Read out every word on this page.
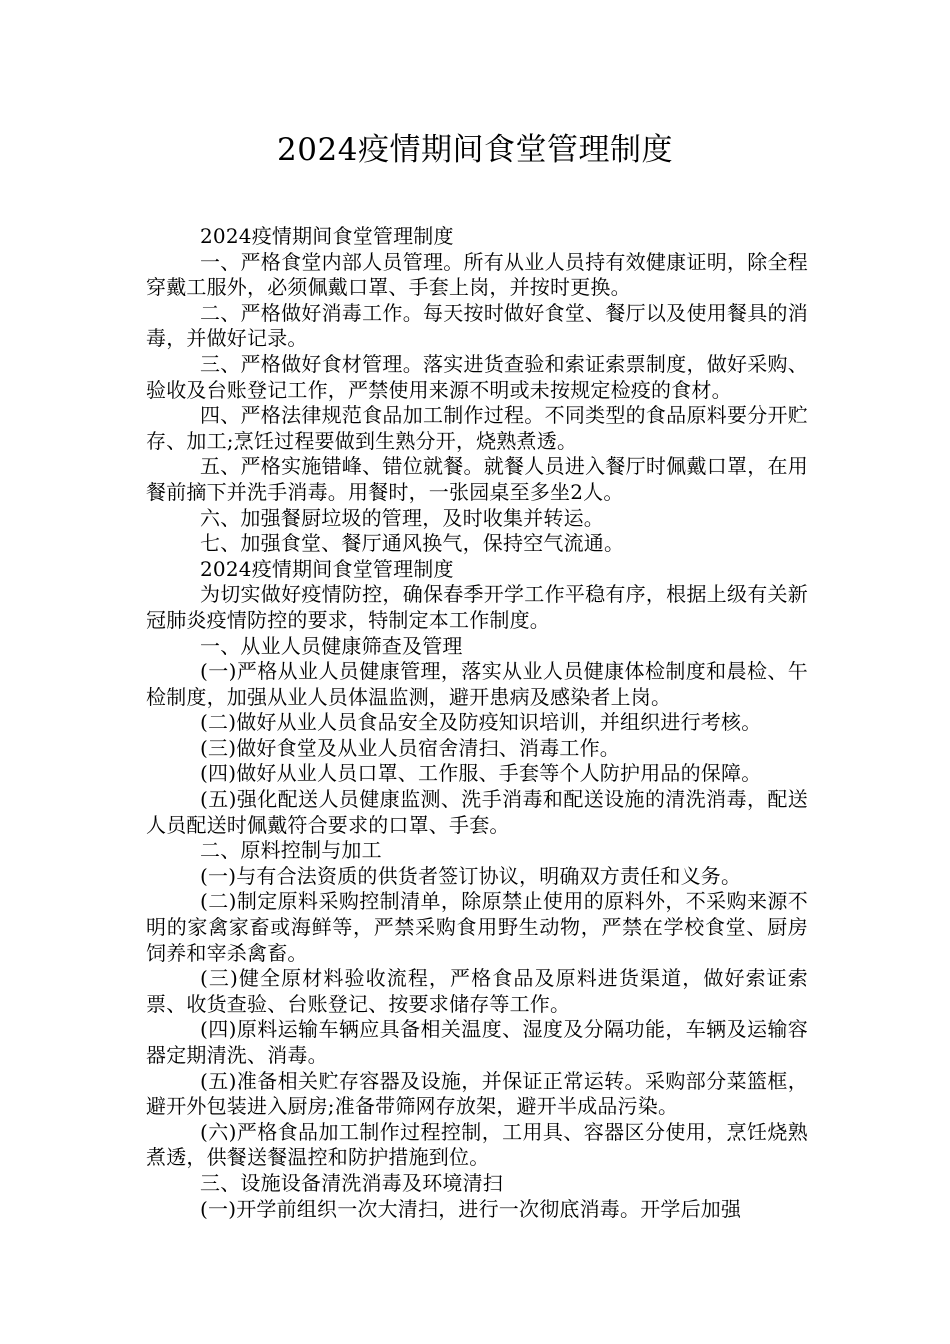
2024疫情期间食堂管理制度

2024疫情期间食堂管理制度

一、严格食堂内部人员管理。所有从业人员持有效健康证明，除全程穿戴工服外，必须佩戴口罩、手套上岗，并按时更换。

二、严格做好消毒工作。每天按时做好食堂、餐厅以及使用餐具的消毒，并做好记录。

三、严格做好食材管理。落实进货查验和索证索票制度，做好采购、验收及台账登记工作，严禁使用来源不明或未按规定检疫的食材。

四、严格法律规范食品加工制作过程。不同类型的食品原料要分开贮存、加工;烹饪过程要做到生熟分开，烧熟煮透。

五、严格实施错峰、错位就餐。就餐人员进入餐厅时佩戴口罩，在用餐前摘下并洗手消毒。用餐时，一张园桌至多坐2人。

六、加强餐厨垃圾的管理，及时收集并转运。

七、加强食堂、餐厅通风换气，保持空气流通。

2024疫情期间食堂管理制度

为切实做好疫情防控，确保春季开学工作平稳有序，根据上级有关新冠肺炎疫情防控的要求，特制定本工作制度。

一、从业人员健康筛查及管理

(一)严格从业人员健康管理，落实从业人员健康体检制度和晨检、午检制度，加强从业人员体温监测，避开患病及感染者上岗。

(二)做好从业人员食品安全及防疫知识培训，并组织进行考核。

(三)做好食堂及从业人员宿舍清扫、消毒工作。

(四)做好从业人员口罩、工作服、手套等个人防护用品的保障。

(五)强化配送人员健康监测、洗手消毒和配送设施的清洗消毒，配送人员配送时佩戴符合要求的口罩、手套。

二、原料控制与加工

(一)与有合法资质的供货者签订协议，明确双方责任和义务。

(二)制定原料采购控制清单，除原禁止使用的原料外，不采购来源不明的家禽家畜或海鲜等，严禁采购食用野生动物，严禁在学校食堂、厨房饲养和宰杀禽畜。

(三)健全原材料验收流程，严格食品及原料进货渠道，做好索证索票、收货查验、台账登记、按要求储存等工作。

(四)原料运输车辆应具备相关温度、湿度及分隔功能，车辆及运输容器定期清洗、消毒。

(五)准备相关贮存容器及设施，并保证正常运转。采购部分菜篮框，避开外包装进入厨房;准备带筛网存放架，避开半成品污染。

(六)严格食品加工制作过程控制，工用具、容器区分使用，烹饪烧熟煮透，供餐送餐温控和防护措施到位。

三、设施设备清洗消毒及环境清扫

(一)开学前组织一次大清扫，进行一次彻底消毒。开学后加强
